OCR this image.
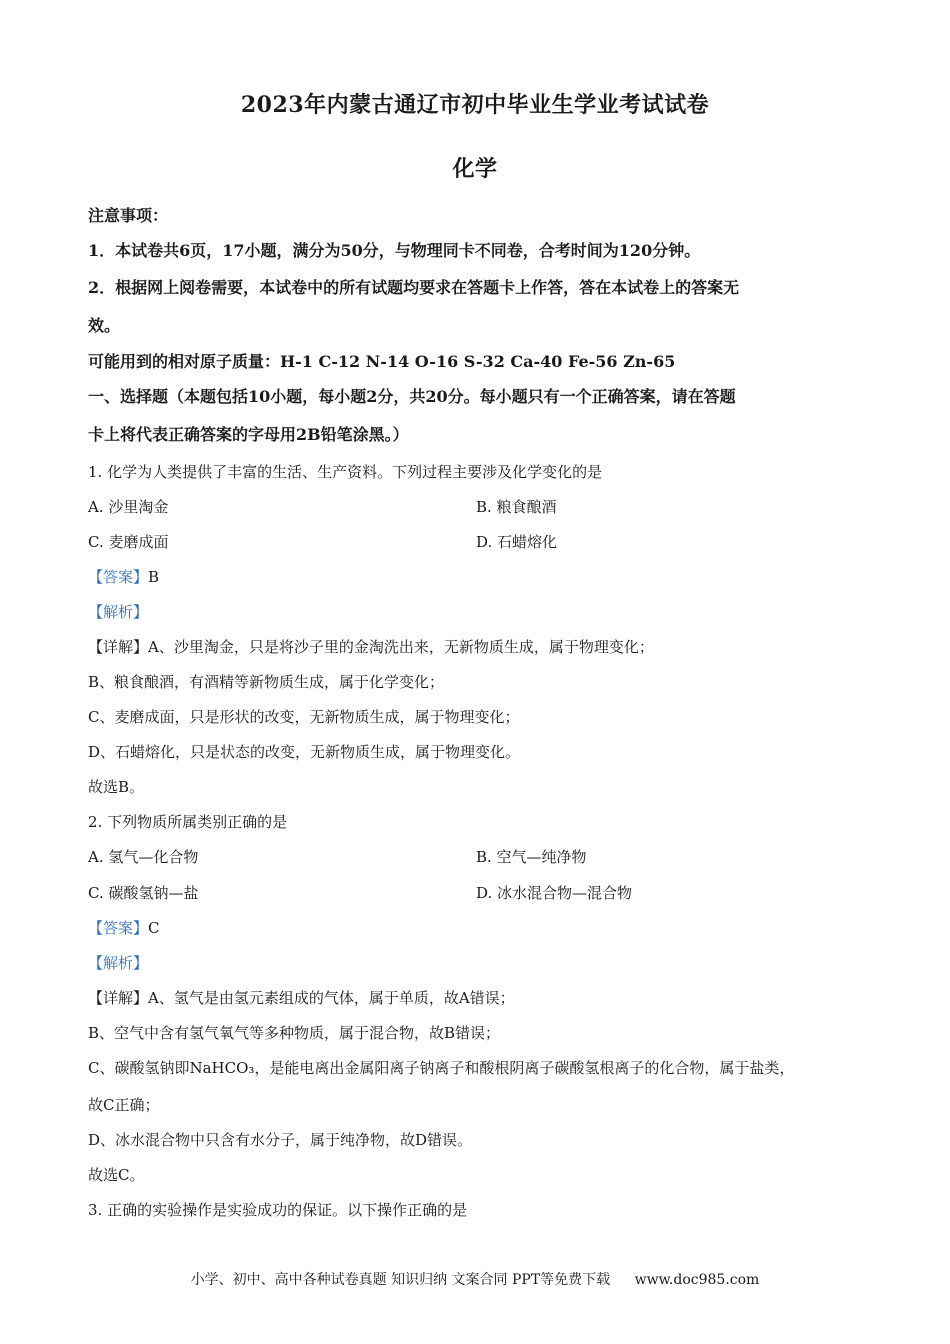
2023年内蒙古通辽市初中毕业生学业考试试卷
化学
注意事项：
1．本试卷共6页，17小题，满分为50分，与物理同卡不同卷，合考时间为120分钟。
2．根据网上阅卷需要，本试卷中的所有试题均要求在答题卡上作答，答在本试卷上的答案无
效。
可能用到的相对原子质量：H-1 C-12 N-14 O-16 S-32 Ca-40 Fe-56 Zn-65
一、选择题（本题包括10小题，每小题2分，共20分。每小题只有一个正确答案，请在答题
卡上将代表正确答案的字母用2B铅笔涂黑。）
1. 化学为人类提供了丰富的生活、生产资料。下列过程主要涉及化学变化的是
A. 沙里淘金	B. 粮食酿酒
C. 麦磨成面	D. 石蜡熔化
【答案】B
【解析】
【详解】A、沙里淘金，只是将沙子里的金淘洗出来，无新物质生成，属于物理变化；
B、粮食酿酒，有酒精等新物质生成，属于化学变化；
C、麦磨成面，只是形状的改变，无新物质生成，属于物理变化；
D、石蜡熔化，只是状态的改变，无新物质生成，属于物理变化。
故选B。
2. 下列物质所属类别正确的是
A. 氢气—化合物	B. 空气—纯净物
C. 碳酸氢钠—盐	D. 冰水混合物—混合物
【答案】C
【解析】
【详解】A、氢气是由氢元素组成的气体，属于单质，故A错误；
B、空气中含有氢气氧气等多种物质，属于混合物，故B错误；
C、碳酸氢钠即NaHCO₃，是能电离出金属阳离子钠离子和酸根阴离子碳酸氢根离子的化合物，属于盐类，
故C正确；
D、冰水混合物中只含有水分子，属于纯净物，故D错误。
故选C。
3. 正确的实验操作是实验成功的保证。以下操作正确的是
小学、初中、高中各种试卷真题 知识归纳 文案合同 PPT等免费下载 www.doc985.com
